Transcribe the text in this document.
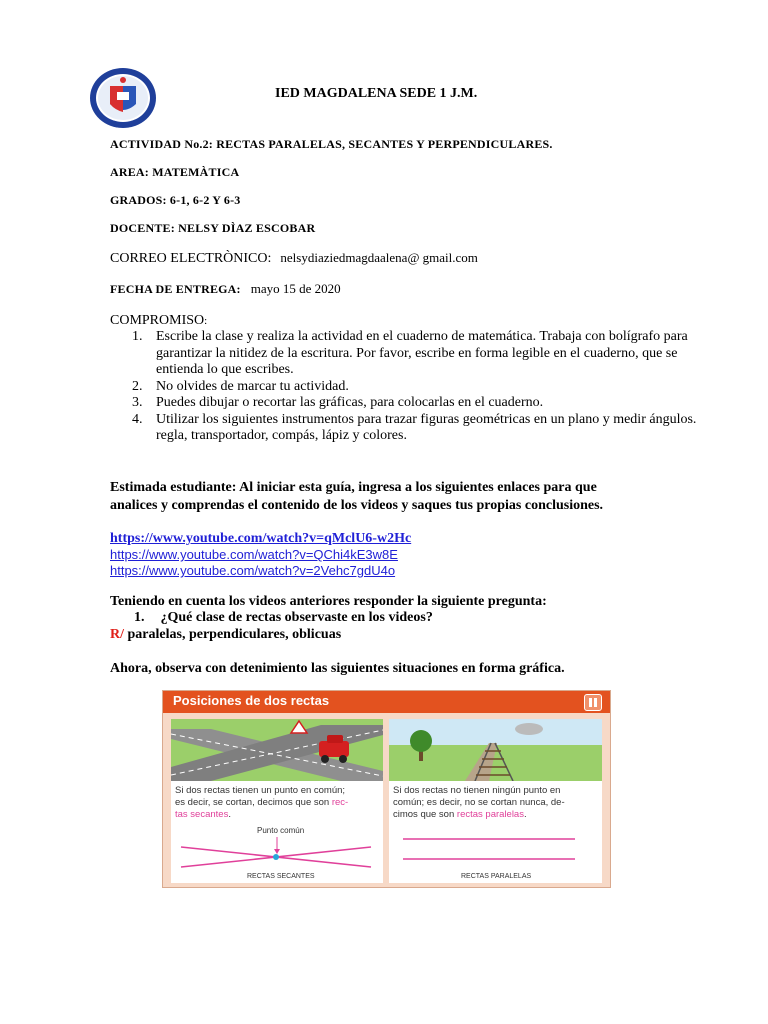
IED MAGDALENA SEDE 1 J.M.
ACTIVIDAD No.2: RECTAS PARALELAS, SECANTES Y PERPENDICULARES.
AREA: MATEMÀTICA
GRADOS: 6-1, 6-2 Y 6-3
DOCENTE: NELSY DÌAZ ESCOBAR
CORREO ELECTRÒNICO: nelsydiaziedmagdaalena@ gmail.com
FECHA DE ENTREGA: mayo 15 de 2020
COMPROMISO:
1. Escribe la clase y realiza la actividad en el cuaderno de matemática. Trabaja con bolígrafo para garantizar la nitidez de la escritura. Por favor, escribe en forma legible en el cuaderno, que se entienda lo que escribes.
2. No olvides de marcar tu actividad.
3. Puedes dibujar o recortar las gráficas, para colocarlas en el cuaderno.
4. Utilizar los siguientes instrumentos para trazar figuras geométricas en un plano y medir ángulos. regla, transportador, compás, lápiz y colores.
Estimada estudiante: Al iniciar esta guía, ingresa a los siguientes enlaces para que
analices y comprendas el contenido de los videos y saques tus propias conclusiones.
https://www.youtube.com/watch?v=qMclU6-w2Hc
https://www.youtube.com/watch?v=QChi4kE3w8E
https://www.youtube.com/watch?v=2Vehc7gdU4o
Teniendo en cuenta los videos anteriores responder la siguiente pregunta:
1. ¿Qué clase de rectas observaste en los videos?
R/ paralelas, perpendiculares, oblicuas
Ahora, observa con detenimiento las siguientes situaciones en forma gráfica.
Posiciones de dos rectas
Si dos rectas tienen un punto en común;
es decir, se cortan, decimos que son rec-
tas secantes.
Punto común
RECTAS SECANTES
Si dos rectas no tienen ningún punto en
común; es decir, no se cortan nunca, de-
cimos que son rectas paralelas.
RECTAS PARALELAS
